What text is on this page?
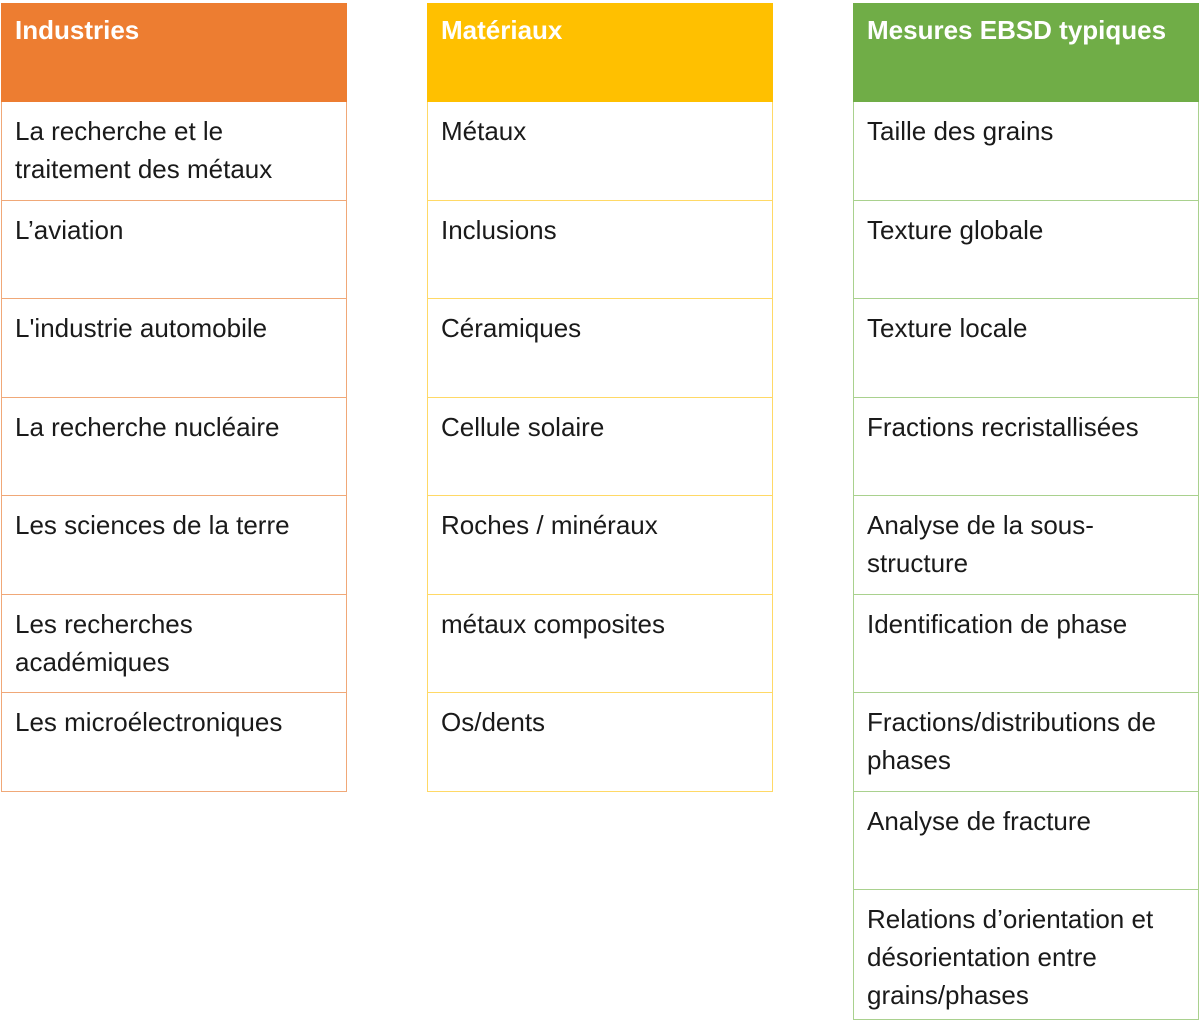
Industries
La recherche et le traitement des métaux
L’aviation
L'industrie automobile
La recherche nucléaire
Les sciences de la terre
Les recherches académiques
Les microélectroniques
Matériaux
Métaux
Inclusions
Céramiques
Cellule solaire
Roches / minéraux
métaux composites
Os/dents
Mesures EBSD typiques
Taille des grains
Texture globale
Texture locale
Fractions recristallisées
Analyse de la sous-structure
Identification de phase
Fractions/distributions de phases
Analyse de fracture
Relations d’orientation et désorientation entre grains/phases
